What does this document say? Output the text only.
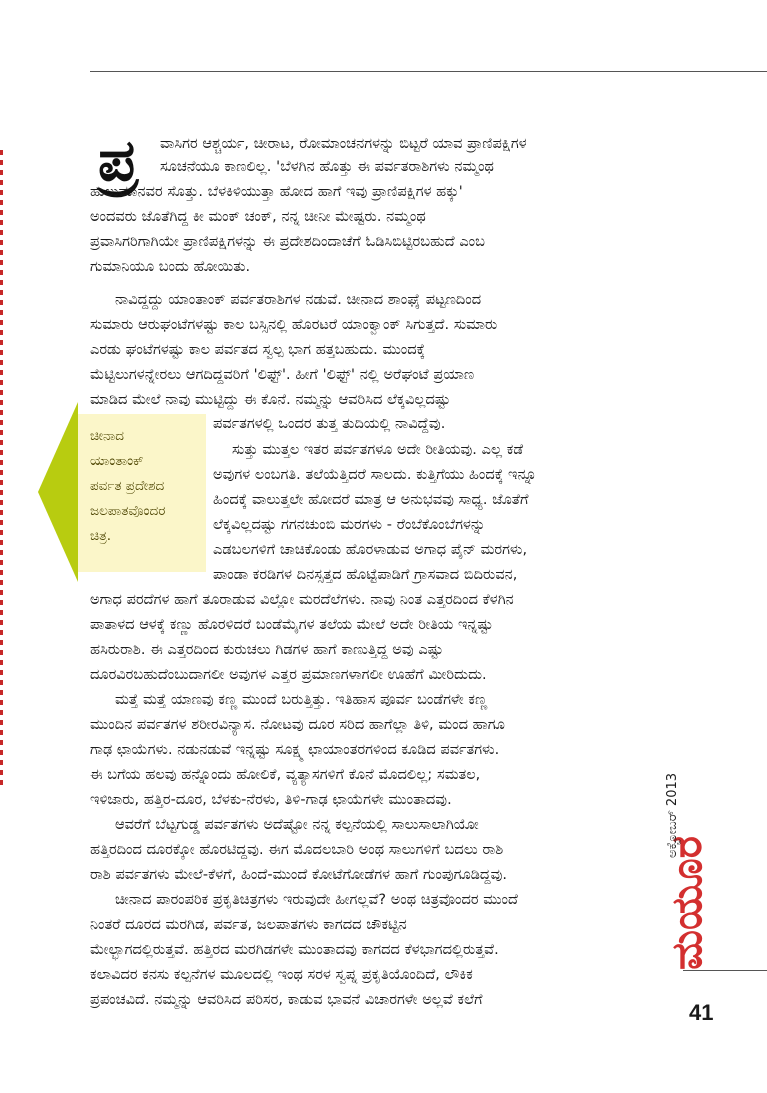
ಪ್ರ ವಾಸಿಗರ ಆಶ್ಚರ್ಯ, ಚೀರಾಟ, ರೋಮಾಂಚನಗಳನ್ನು ಬಿಟ್ಟರೆ ಯಾವ ಪ್ರಾಣಿಪಕ್ಷಿಗಳ
ಸೂಚನೆಯೂ ಕಾಣಲಿಲ್ಲ. 'ಬೆಳಗಿನ ಹೊತ್ತು ಈ ಪರ್ವತರಾಶಿಗಳು ನಮ್ಮಂಥ
ಹುಲುಮಾನವರ ಸೊತ್ತು. ಬೆಳಕಿಳಿಯುತ್ತಾ ಹೋದ ಹಾಗೆ ಇವು ಪ್ರಾಣಿಪಕ್ಷಿಗಳ ಹಕ್ಕು'
ಅಂದವರು ಜೊತೆಗಿದ್ದ ಕೀ ಮಂಕ್ ಚಂಕ್, ನನ್ನ ಚೀನೀ ಮೇಷ್ಟರು. ನಮ್ಮಂಥ
ಪ್ರವಾಸಿಗರಿಗಾಗಿಯೇ ಪ್ರಾಣಿಪಕ್ಷಿಗಳನ್ನು ಈ ಪ್ರದೇಶದಿಂದಾಚೆಗೆ ಓಡಿಸಿಬಿಟ್ಟಿರಬಹುದೆ ಎಂಬ
ಗುಮಾನಿಯೂ ಬಂದು ಹೋಯಿತು.
ನಾವಿದ್ದದ್ದು ಯಾಂತಾಂಕ್ ಪರ್ವತರಾಶಿಗಳ ನಡುವೆ. ಚೀನಾದ ಶಾಂಘೈ ಪಟ್ಟಣದಿಂದ
ಸುಮಾರು ಆರುಘಂಟೆಗಳಷ್ಟು ಕಾಲ ಬಸ್ಸಿನಲ್ಲಿ ಹೊರಟರೆ ಯಾಂಕ್ವಾಂಕ್ ಸಿಗುತ್ತದೆ. ಸುಮಾರು
ಎರಡು ಘಂಟೆಗಳಷ್ಟು ಕಾಲ ಪರ್ವತದ ಸ್ವಲ್ಪ ಭಾಗ ಹತ್ತಬಹುದು. ಮುಂದಕ್ಕೆ
ಮೆಟ್ಟಿಲುಗಳನ್ನೇರಲು ಆಗದಿದ್ದವರಿಗೆ 'ಲಿಫ್ಟ್'. ಹೀಗೆ 'ಲಿಫ್ಟ್' ನಲ್ಲಿ ಅರೆಘಂಟೆ ಪ್ರಯಾಣ
ಮಾಡಿದ ಮೇಲೆ ನಾವು ಮುಟ್ಟಿದ್ದು ಈ ಕೊನೆ. ನಮ್ಮನ್ನು ಆವರಿಸಿದ ಲೆಕ್ಕವಿಲ್ಲದಷ್ಟು
ಪರ್ವತಗಳಲ್ಲಿ ಒಂದರ ತುತ್ತ ತುದಿಯಲ್ಲಿ ನಾವಿದ್ದೆವು.
ಸುತ್ತು ಮುತ್ತಲ ಇತರ ಪರ್ವತಗಳೂ ಅದೇ ರೀತಿಯವು. ಎಲ್ಲ ಕಡೆ
ಅವುಗಳ ಲಂಬಗತಿ. ತಲೆಯೆತ್ತಿದರೆ ಸಾಲದು. ಕುತ್ತಿಗೆಯು ಹಿಂದಕ್ಕೆ ಇನ್ನೂ
ಹಿಂದಕ್ಕೆ ವಾಲುತ್ತಲೇ ಹೋದರೆ ಮಾತ್ರ ಆ ಅನುಭವವು ಸಾಧ್ಯ. ಜೊತೆಗೆ
ಲೆಕ್ಕವಿಲ್ಲದಷ್ಟು ಗಗನಚುಂಬಿ ಮರಗಳು - ರೆಂಬೆಕೊಂಬೆಗಳನ್ನು
ಎಡಬಲಗಳಿಗೆ ಚಾಚಿಕೊಂಡು ಹೊರಳಾಡುವ ಅಗಾಧ ಪೈನ್ ಮರಗಳು,
ಪಾಂಡಾ ಕರಡಿಗಳ ದಿನಸ್ಸತ್ತದ ಹೊಟ್ಟೆಪಾಡಿಗೆ ಗ್ರಾಸವಾದ ಬಿದಿರುವನ,
ಅಗಾಧ ಪರದೆಗಳ ಹಾಗೆ ತೂರಾಡುವ ವಿಲ್ಲೋ ಮರದೆಲೆಗಳು. ನಾವು ನಿಂತ ಎತ್ತರದಿಂದ ಕೆಳಗಿನ
ಪಾತಾಳದ ಆಳಕ್ಕೆ ಕಣ್ಣು ಹೊರಳಿದರೆ ಬಂಡೆಮೈಗಳ ತಲೆಯ ಮೇಲೆ ಅದೇ ರೀತಿಯ ಇನ್ನಷ್ಟು
ಹಸಿರುರಾಶಿ. ಈ ಎತ್ತರದಿಂದ ಕುರುಚಲು ಗಿಡಗಳ ಹಾಗೆ ಕಾಣುತ್ತಿದ್ದ ಅವು ಎಷ್ಟು
ದೂರವಿರಬಹುದೆಂಬುದಾಗಲೀ ಅವುಗಳ ಎತ್ತರ ಪ್ರಮಾಣಗಳಾಗಲೀ ಊಹೆಗೆ ಮೀರಿದುದು.
ಮತ್ತೆ ಮತ್ತೆ ಯಾಣವು ಕಣ್ಣ ಮುಂದೆ ಬರುತ್ತಿತ್ತು. ಇತಿಹಾಸ ಪೂರ್ವ ಬಂಡೆಗಳೇ ಕಣ್ಣ
ಮುಂದಿನ ಪರ್ವತಗಳ ಶರೀರವಿನ್ಯಾಸ. ನೋಟವು ದೂರ ಸರಿದ ಹಾಗೆಲ್ಲಾ ತಿಳಿ, ಮಂದ ಹಾಗೂ
ಗಾಢ ಛಾಯೆಗಳು. ನಡುನಡುವೆ ಇನ್ನಷ್ಟು ಸೂಕ್ಷ್ಮ ಛಾಯಾಂತರಗಳಿಂದ ಕೂಡಿದ ಪರ್ವತಗಳು.
ಈ ಬಗೆಯ ಹಲವು ಹನ್ನೊಂದು ಹೋಲಿಕೆ, ವ್ಯತ್ಯಾಸಗಳಿಗೆ ಕೊನೆ ಮೊದಲಿಲ್ಲ; ಸಮತಲ,
ಇಳಿಜಾರು, ಹತ್ತಿರ-ದೂರ, ಬೆಳಕು-ನೆರಳು, ತಿಳಿ-ಗಾಢ ಛಾಯೆಗಳೇ ಮುಂತಾದವು.
ಆವರೆಗೆ ಬೆಟ್ಟಗುಡ್ಡ ಪರ್ವತಗಳು ಅದೆಷ್ಟೋ ನನ್ನ ಕಲ್ಪನೆಯಲ್ಲಿ ಸಾಲುಸಾಲಾಗಿಯೋ
ಹತ್ತಿರದಿಂದ ದೂರಕ್ಕೋ ಹೊರಟಿದ್ದವು. ಈಗ ಮೊದಲಬಾರಿ ಅಂಥ ಸಾಲುಗಳಿಗೆ ಬದಲು ರಾಶಿ
ರಾಶಿ ಪರ್ವತಗಳು ಮೇಲೆ-ಕೆಳಗೆ, ಹಿಂದೆ-ಮುಂದೆ ಕೋಟೆಗೋಡೆಗಳ ಹಾಗೆ ಗುಂಪುಗೂಡಿದ್ದವು.
ಚೀನಾದ ಪಾರಂಪರಿಕ ಪ್ರಕೃತಿಚಿತ್ರಗಳು ಇರುವುದೇ ಹೀಗಲ್ಲವೆ? ಅಂಥ ಚಿತ್ರವೊಂದರ ಮುಂದೆ
ನಿಂತರೆ ದೂರದ ಮರಗಿಡ, ಪರ್ವತ, ಜಲಪಾತಗಳು ಕಾಗದದ ಚೌಕಟ್ಟಿನ
ಮೇಲ್ಭಾಗದಲ್ಲಿರುತ್ತವೆ. ಹತ್ತಿರದ ಮರಗಿಡಗಳೇ ಮುಂತಾದವು ಕಾಗದದ ಕೆಳಭಾಗದಲ್ಲಿರುತ್ತವೆ.
ಕಲಾವಿದರ ಕನಸು ಕಲ್ಪನೆಗಳ ಮೂಲದಲ್ಲಿ ಇಂಥ ಸರಳ ಸ್ವಪ್ನ ಪ್ರಕೃತಿಯೊಂದಿದೆ, ಲೌಕಿಕ
ಪ್ರಪಂಚವಿದೆ. ನಮ್ಮನ್ನು ಆವರಿಸಿದ ಪರಿಸರ, ಕಾಡುವ ಭಾವನೆ ವಿಚಾರಗಳೇ ಅಲ್ಲವೆ ಕಲೆಗೆ
ಚೀನಾದ
ಯಾಂತಾಂಕ್
ಪರ್ವತ ಪ್ರದೇಶದ
ಜಲಪಾತವೊಂದರ
ಚಿತ್ರ.
ಮಯೂರ
ಅಕ್ಟೋಬರ್ 2013
41
